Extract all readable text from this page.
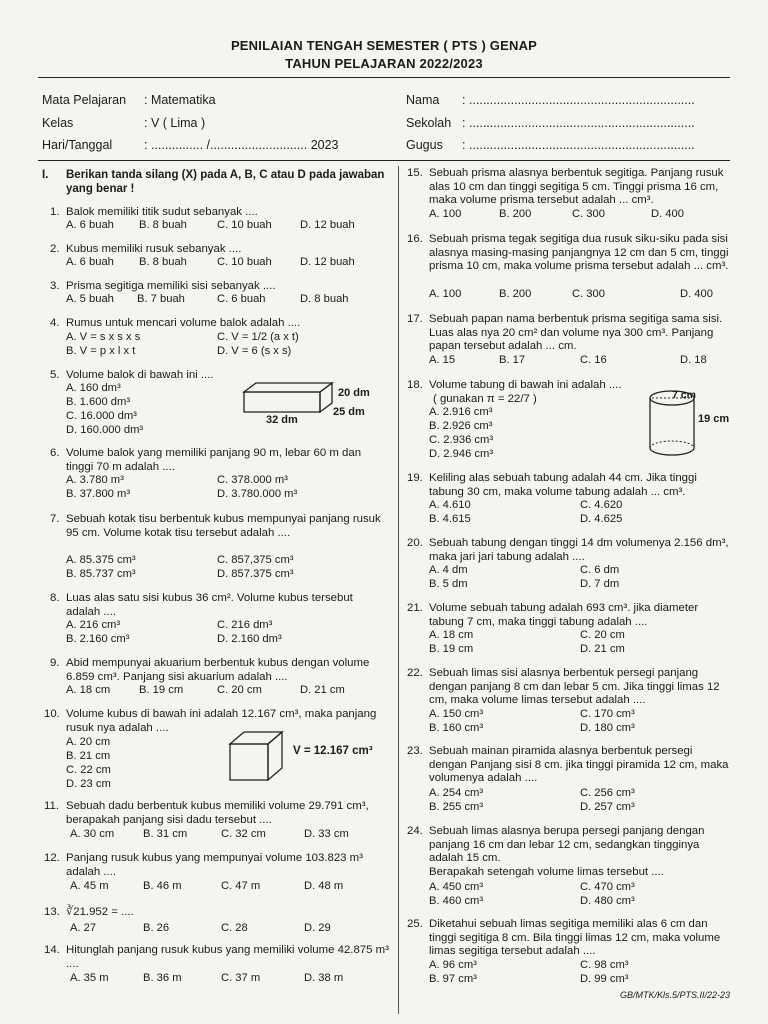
PENILAIAN TENGAH SEMESTER ( PTS ) GENAP
TAHUN PELAJARAN 2022/2023
Mata Pelajaran : Matematika
Kelas	: V ( Lima )
Hari/Tanggal	: ............... /............................ 2023
Nama : .................................................................
Sekolah : .................................................................
Gugus : .................................................................
I. Berikan tanda silang (X) pada A, B, C atau D pada jawaban yang benar !
1. Balok memiliki titik sudut sebanyak ....
A. 6 buah B. 8 buah	C. 10 buah	D. 12 buah
2. Kubus memiliki rusuk sebanyak ....
A. 6 buah B. 8 buah	C. 10 buah	D. 12 buah
3. Prisma segitiga memiliki sisi sebanyak ....
A. 5 buah B. 7 buah	C. 6 buah	D. 8 buah
4. Rumus untuk mencari volume balok adalah ....
A. V = s x s x s
B. V = p x l x t
C. V = 1/2 (a x t)
D. V = 6 (s x s)
5. Volume balok di bawah ini ....
A. 160 dm³
B. 1.600 dm³
C. 16.000 dm³
D. 160.000 dm³
20 dm
25 dm
32 dm
6. Volume balok yang memiliki panjang 90 m, lebar 60 m dan tinggi 70 m adalah ....
A. 3.780 m³
B. 37.800 m³
C. 378.000 m³
D. 3.780.000 m³
7. Sebuah kotak tisu berbentuk kubus mempunyai panjang rusuk 95 cm. Volume kotak tisu tersebut adalah ....
A. 85.375 cm³
B. 85.737 cm³
C. 857,375 cm³
D. 857.375 cm³
8. Luas alas satu sisi kubus 36 cm². Volume kubus tersebut adalah ....
A. 216 cm³
B. 2.160 cm³
C. 216 dm³
D. 2.160 dm³
9. Abid mempunyai akuarium berbentuk kubus dengan volume 6.859 cm³. Panjang sisi akuarium adalah ....
A. 18 cm	B. 19 cm	C. 20 cm	D. 21 cm
10. Volume kubus di bawah ini adalah 12.167 cm³, maka panjang rusuk nya adalah ....
A. 20 cm
B. 21 cm
C. 22 cm
D. 23 cm
V = 12.167 cm³
11. Sebuah dadu berbentuk kubus memiliki volume 29.791 cm³, berapakah panjang sisi dadu tersebut ....
A. 30 cm	B. 31 cm	C. 32 cm	D. 33 cm
12. Panjang rusuk kubus yang mempunyai volume 103.823 m³ adalah ....
A. 45 m	B. 46 m	C. 47 m	D. 48 m
13. ∛21.952 = ....
A. 27	B. 26	C. 28	D. 29
14. Hitunglah panjang rusuk kubus yang memiliki volume 42.875 m³ ....
A. 35 m	B. 36 m	C. 37 m	D. 38 m
15. Sebuah prisma alasnya berbentuk segitiga. Panjang rusuk alas 10 cm dan tinggi segitiga 5 cm. Tinggi prisma 16 cm, maka volume prisma tersebut adalah ... cm³.
A. 100	B. 200	C. 300	D. 400
16. Sebuah prisma tegak segitiga dua rusuk siku-siku pada sisi alasnya masing-masing panjangnya 12 cm dan 5 cm, tinggi prisma 10 cm, maka volume prisma tersebut adalah ... cm³.
A. 100	B. 200	C. 300	D. 400
17. Sebuah papan nama berbentuk prisma segitiga sama sisi. Luas alas nya 20 cm² dan volume nya 300 cm³. Panjang papan tersebut adalah ... cm.
A. 15	B. 17	C. 16	D. 18
18. Volume tabung di bawah ini adalah ....
( gunakan π = 22/7 )
A. 2.916 cm³
B. 2.926 cm³
C. 2.936 cm³
D. 2.946 cm³
7 cm
19 cm
19. Keliling alas sebuah tabung adalah 44 cm. Jika tinggi tabung 30 cm, maka volume tabung adalah ... cm³.
A. 4.610
B. 4.615
C. 4.620
D. 4.625
20. Sebuah tabung dengan tinggi 14 dm volumenya 2.156 dm³, maka jari jari tabung adalah ....
A. 4 dm
B. 5 dm
C. 6 dm
D. 7 dm
21. Volume sebuah tabung adalah 693 cm³. jika diameter tabung 7 cm, maka tinggi tabung adalah ....
A. 18 cm
B. 19 cm
C. 20 cm
D. 21 cm
22. Sebuah limas sisi alasnya berbentuk persegi panjang dengan panjang 8 cm dan lebar 5 cm. Jika tinggi limas 12 cm, maka volume limas tersebut adalah ....
A. 150 cm³
B. 160 cm³
C. 170 cm³
D. 180 cm³
23. Sebuah mainan piramida alasnya berbentuk persegi dengan Panjang sisi 8 cm. jika tinggi piramida 12 cm, maka volumenya adalah ....
A. 254 cm³
B. 255 cm³
C. 256 cm³
D. 257 cm³
24. Sebuah limas alasnya berupa persegi panjang dengan panjang 16 cm dan lebar 12 cm, sedangkan tingginya adalah 15 cm.
Berapakah setengah volume limas tersebut ....
A. 450 cm³
B. 460 cm³
C. 470 cm³
D. 480 cm³
25. Diketahui sebuah limas segitiga memiliki alas 6 cm dan tinggi segitiga 8 cm. Bila tinggi limas 12 cm, maka volume limas segitiga tersebut adalah ....
A. 96 cm³
B. 97 cm³
C. 98 cm³
D. 99 cm³
GB/MTK/Kls.5/PTS.II/22-23
